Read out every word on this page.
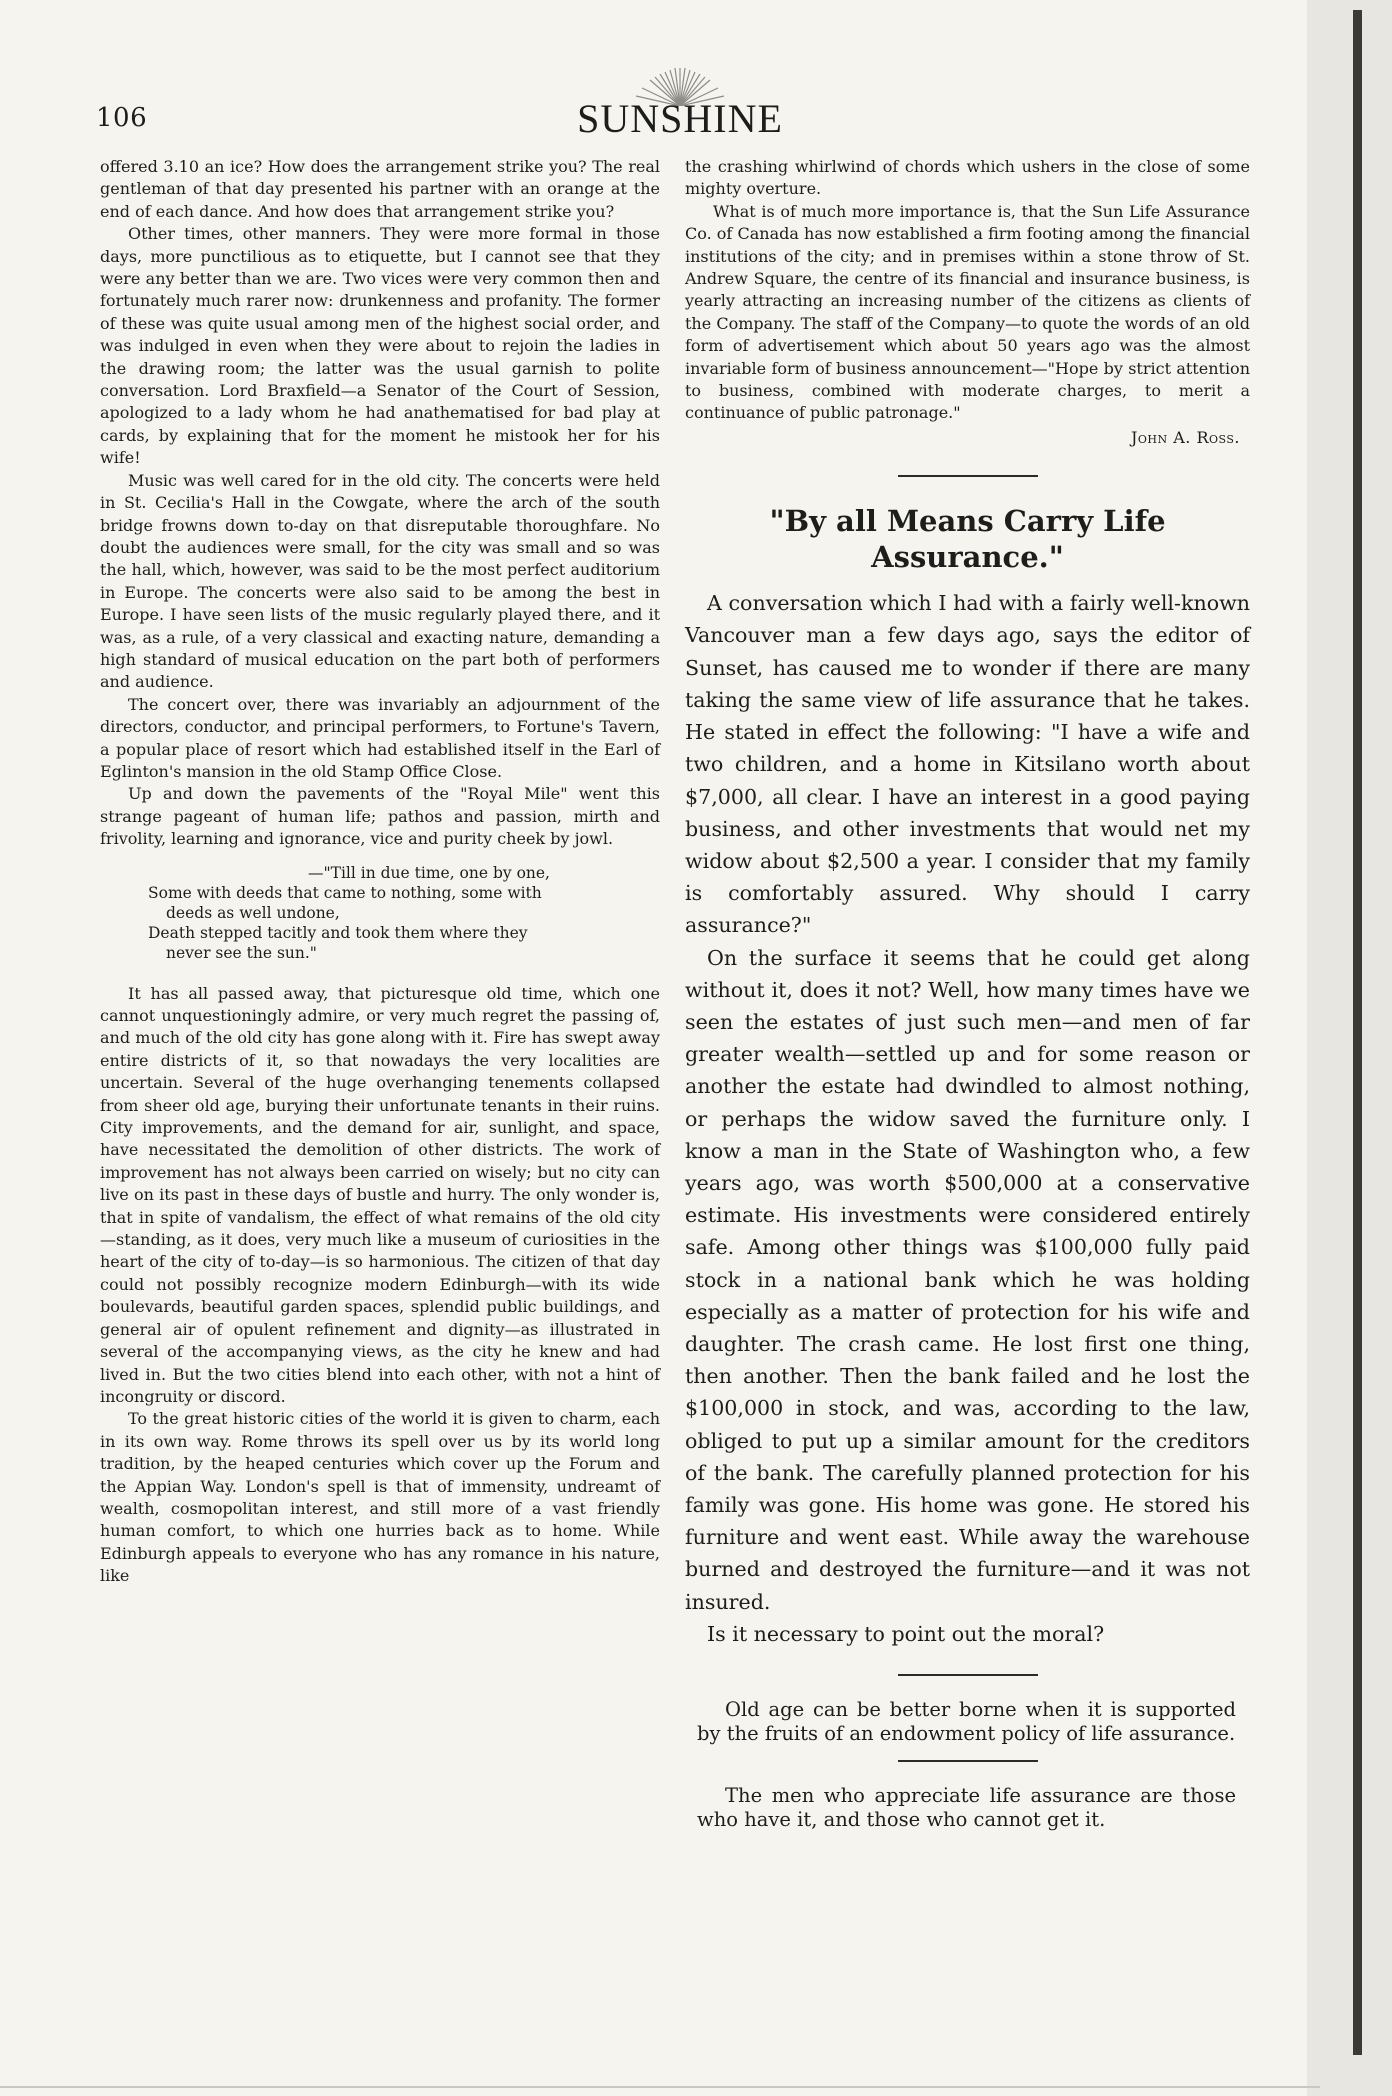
106	SUNSHINE

offered 3.10 an ice? How does the arrangement strike you? The real gentleman of that day presented his partner with an orange at the end of each dance. And how does that arrangement strike you?

Other times, other manners. They were more formal in those days, more punctilious as to etiquette, but I cannot see that they were any better than we are. Two vices were very common then and fortunately much rarer now: drunkenness and profanity. The former of these was quite usual among men of the highest social order, and was indulged in even when they were about to rejoin the ladies in the drawing room; the latter was the usual garnish to polite conversation. Lord Braxfield—a Senator of the Court of Session, apologized to a lady whom he had anathematised for bad play at cards, by explaining that for the moment he mistook her for his wife!

Music was well cared for in the old city. The concerts were held in St. Cecilia's Hall in the Cowgate, where the arch of the south bridge frowns down to-day on that disreputable thoroughfare. No doubt the audiences were small, for the city was small and so was the hall, which, however, was said to be the most perfect auditorium in Europe. The concerts were also said to be among the best in Europe. I have seen lists of the music regularly played there, and it was, as a rule, of a very classical and exacting nature, demanding a high standard of musical education on the part both of performers and audience.

The concert over, there was invariably an adjournment of the directors, conductor, and principal performers, to Fortune's Tavern, a popular place of resort which had established itself in the Earl of Eglinton's mansion in the old Stamp Office Close.

Up and down the pavements of the "Royal Mile" went this strange pageant of human life; pathos and passion, mirth and frivolity, learning and ignorance, vice and purity cheek by jowl.

—"Till in due time, one by one,
Some with deeds that came to nothing, some with
deeds as well undone,
Death stepped tacitly and took them where they
never see the sun."

It has all passed away, that picturesque old time, which one cannot unquestioningly admire, or very much regret the passing of, and much of the old city has gone along with it. Fire has swept away entire districts of it, so that nowadays the very localities are uncertain. Several of the huge overhanging tenements collapsed from sheer old age, burying their unfortunate tenants in their ruins. City improvements, and the demand for air, sunlight, and space, have necessitated the demolition of other districts. The work of improvement has not always been carried on wisely; but no city can live on its past in these days of bustle and hurry. The only wonder is, that in spite of vandalism, the effect of what remains of the old city—standing, as it does, very much like a museum of curiosities in the heart of the city of to-day—is so harmonious. The citizen of that day could not possibly recognize modern Edinburgh—with its wide boulevards, beautiful garden spaces, splendid public buildings, and general air of opulent refinement and dignity—as illustrated in several of the accompanying views, as the city he knew and had lived in. But the two cities blend into each other, with not a hint of incongruity or discord.

To the great historic cities of the world it is given to charm, each in its own way. Rome throws its spell over us by its world long tradition, by the heaped centuries which cover up the Forum and the Appian Way. London's spell is that of immensity, undreamt of wealth, cosmopolitan interest, and still more of a vast friendly human comfort, to which one hurries back as to home. While Edinburgh appeals to everyone who has any romance in his nature, like

the crashing whirlwind of chords which ushers in the close of some mighty overture.

What is of much more importance is, that the Sun Life Assurance Co. of Canada has now established a firm footing among the financial institutions of the city; and in premises within a stone throw of St. Andrew Square, the centre of its financial and insurance business, is yearly attracting an increasing number of the citizens as clients of the Company. The staff of the Company—to quote the words of an old form of advertisement which about 50 years ago was the almost invariable form of business announcement—"Hope by strict attention to business, combined with moderate charges, to merit a continuance of public patronage."

John A. Ross.
"By all Means Carry Life Assurance."

A conversation which I had with a fairly well-known Vancouver man a few days ago, says the editor of Sunset, has caused me to wonder if there are many taking the same view of life assurance that he takes. He stated in effect the following: "I have a wife and two children, and a home in Kitsilano worth about $7,000, all clear. I have an interest in a good paying business, and other investments that would net my widow about $2,500 a year. I consider that my family is comfortably assured. Why should I carry assurance?"

On the surface it seems that he could get along without it, does it not? Well, how many times have we seen the estates of just such men—and men of far greater wealth—settled up and for some reason or another the estate had dwindled to almost nothing, or perhaps the widow saved the furniture only. I know a man in the State of Washington who, a few years ago, was worth $500,000 at a conservative estimate. His investments were considered entirely safe. Among other things was $100,000 fully paid stock in a national bank which he was holding especially as a matter of protection for his wife and daughter. The crash came. He lost first one thing, then another. Then the bank failed and he lost the $100,000 in stock, and was, according to the law, obliged to put up a similar amount for the creditors of the bank. The carefully planned protection for his family was gone. His home was gone. He stored his furniture and went east. While away the warehouse burned and destroyed the furniture—and it was not insured.

Is it necessary to point out the moral?

Old age can be better borne when it is supported by the fruits of an endowment policy of life assurance.

The men who appreciate life assurance are those who have it, and those who cannot get it.
